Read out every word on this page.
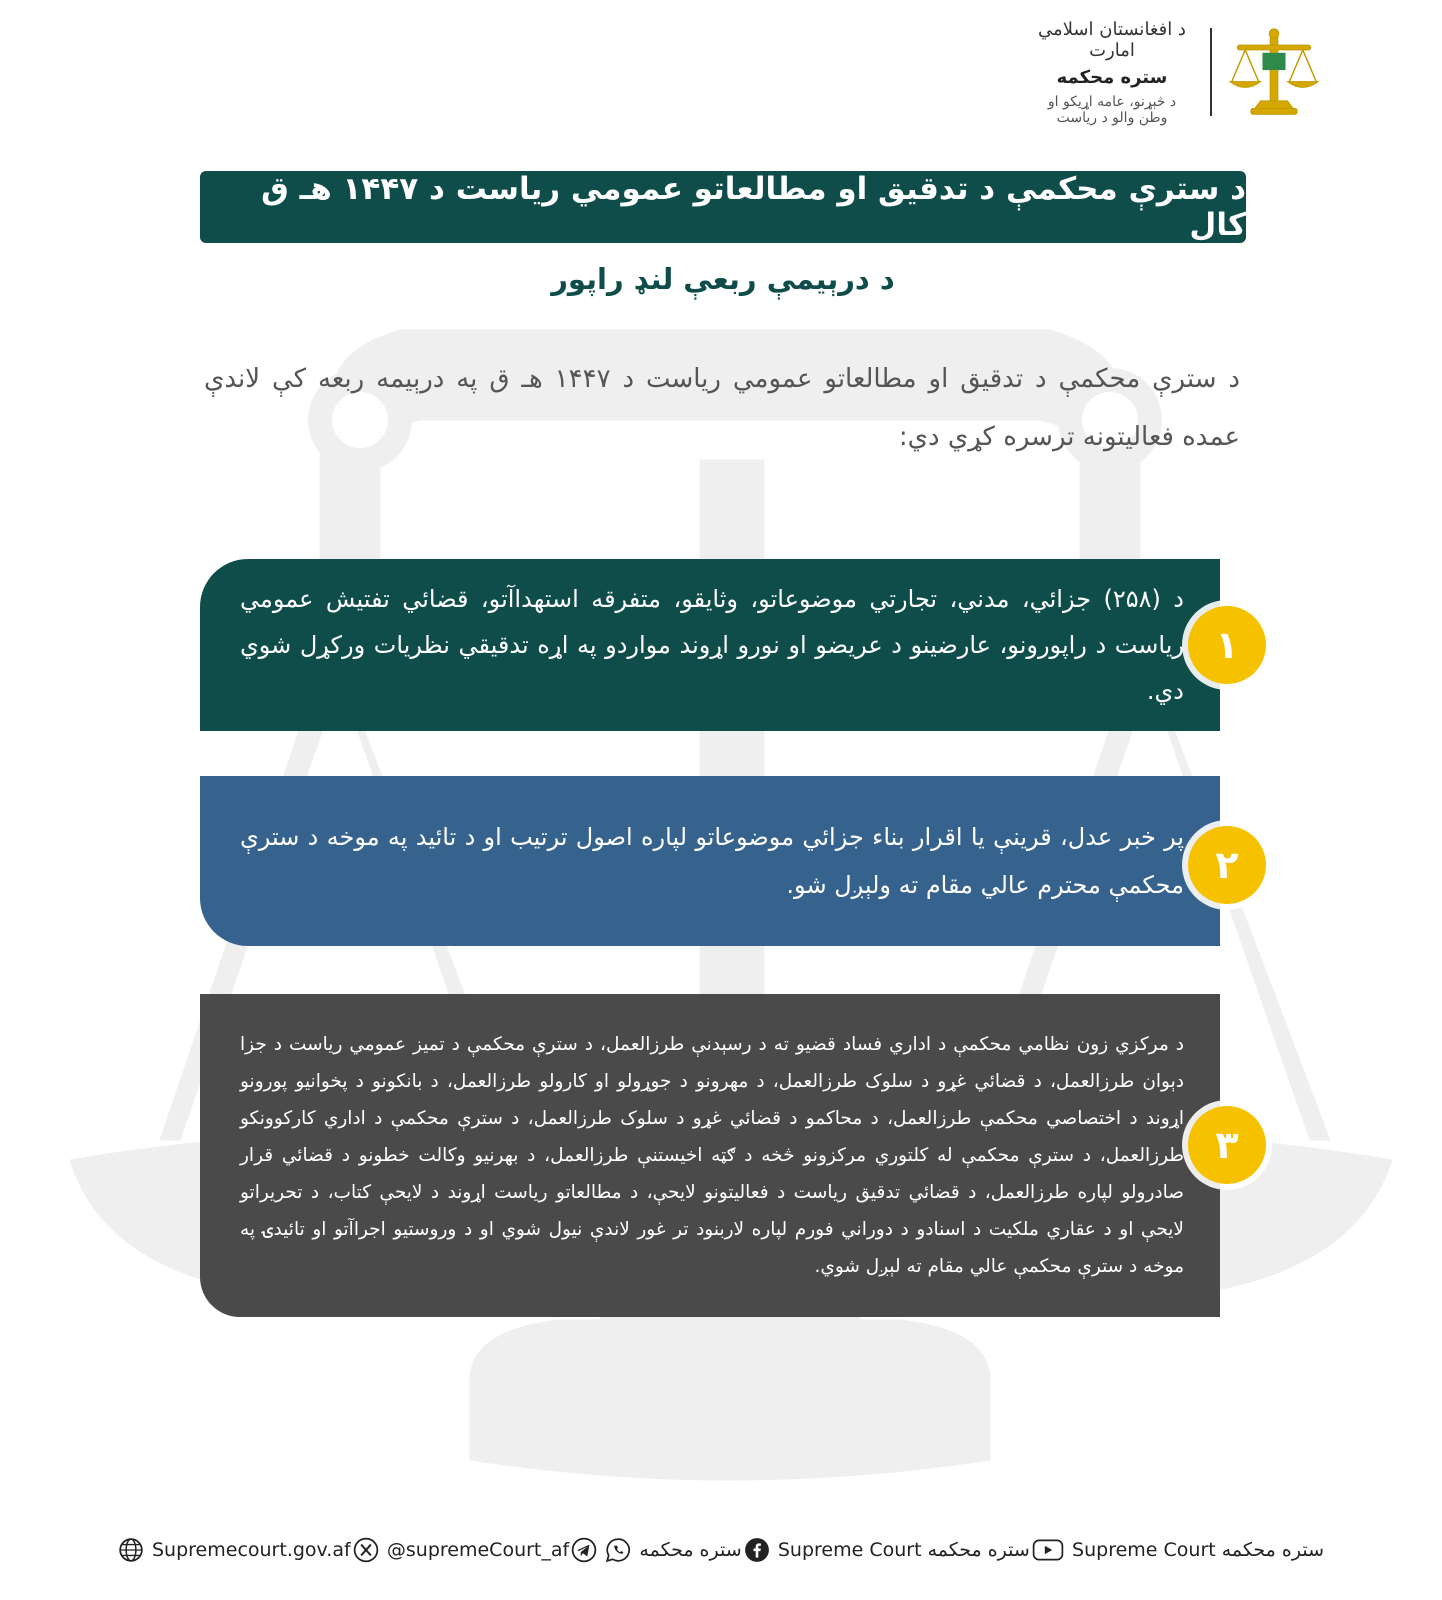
د افغانستان اسلامي امارت
ستره محکمه
د څېړنو، عامه اړیکو او وطن والو د ریاست
د سترې محکمې د تدقیق او مطالعاتو عمومي ریاست د ۱۴۴۷ هـ ق کال
د درېیمې ربعې لنډ راپور
د سترې محکمې د تدقیق او مطالعاتو عمومي ریاست د ۱۴۴۷ هـ ق په درېیمه ربعه کې لاندې عمده فعالیتونه ترسره کړي دي:
د (۲۵۸) جزائي، مدني، تجارتي موضوعاتو، وثایقو، متفرقه استهداآتو، قضائي تفتیش عمومي ریاست د راپورونو، عارضینو د عریضو او نورو اړوند مواردو په اړه تدقیقي نظریات ورکړل شوي دي.
۱
پر خبر عدل، قرینې یا اقرار بناء جزائي موضوعاتو لپاره اصول ترتیب او د تائید په موخه د سترې محکمې محترم عالي مقام ته ولېږل شو. ۲
د مرکزي زون نظامي محکمې د اداري فساد قضیو ته د رسېدنې طرزالعمل، د سترې محکمې د تمیز عمومي ریاست د جزا دېوان طرزالعمل، د قضائي غړو د سلوک طرزالعمل، د مهرونو د جوړولو او کارولو طرزالعمل، د بانکونو د پخوانیو پورونو اړوند د اختصاصي محکمې طرزالعمل، د محاکمو د قضائي غړو د سلوک طرزالعمل، د سترې محکمې د اداري کارکوونکو طرزالعمل، د سترې محکمې له کلتوري مرکزونو څخه د ګټه اخیستنې طرزالعمل، د بهرنیو وکالت خطونو د قضائي قرار صادرولو لپاره طرزالعمل، د قضائي تدقیق ریاست د فعالیتونو لایحې، د مطالعاتو ریاست اړوند د لایحې کتاب، د تحریراتو لایحې او د عقاري ملکیت د اسنادو د دوراني فورم لپاره لاربنود تر غور لاندې نیول شوي او د وروستیو اجراآتو او تائیدۍ په موخه د سترې محکمې عالي مقام ته لېږل شوي.
۳
Supremecourt.gov.af @supremeCourt_af	ستره محکمه Supreme Court ستره محکمه Supreme Court ستره محکمه
